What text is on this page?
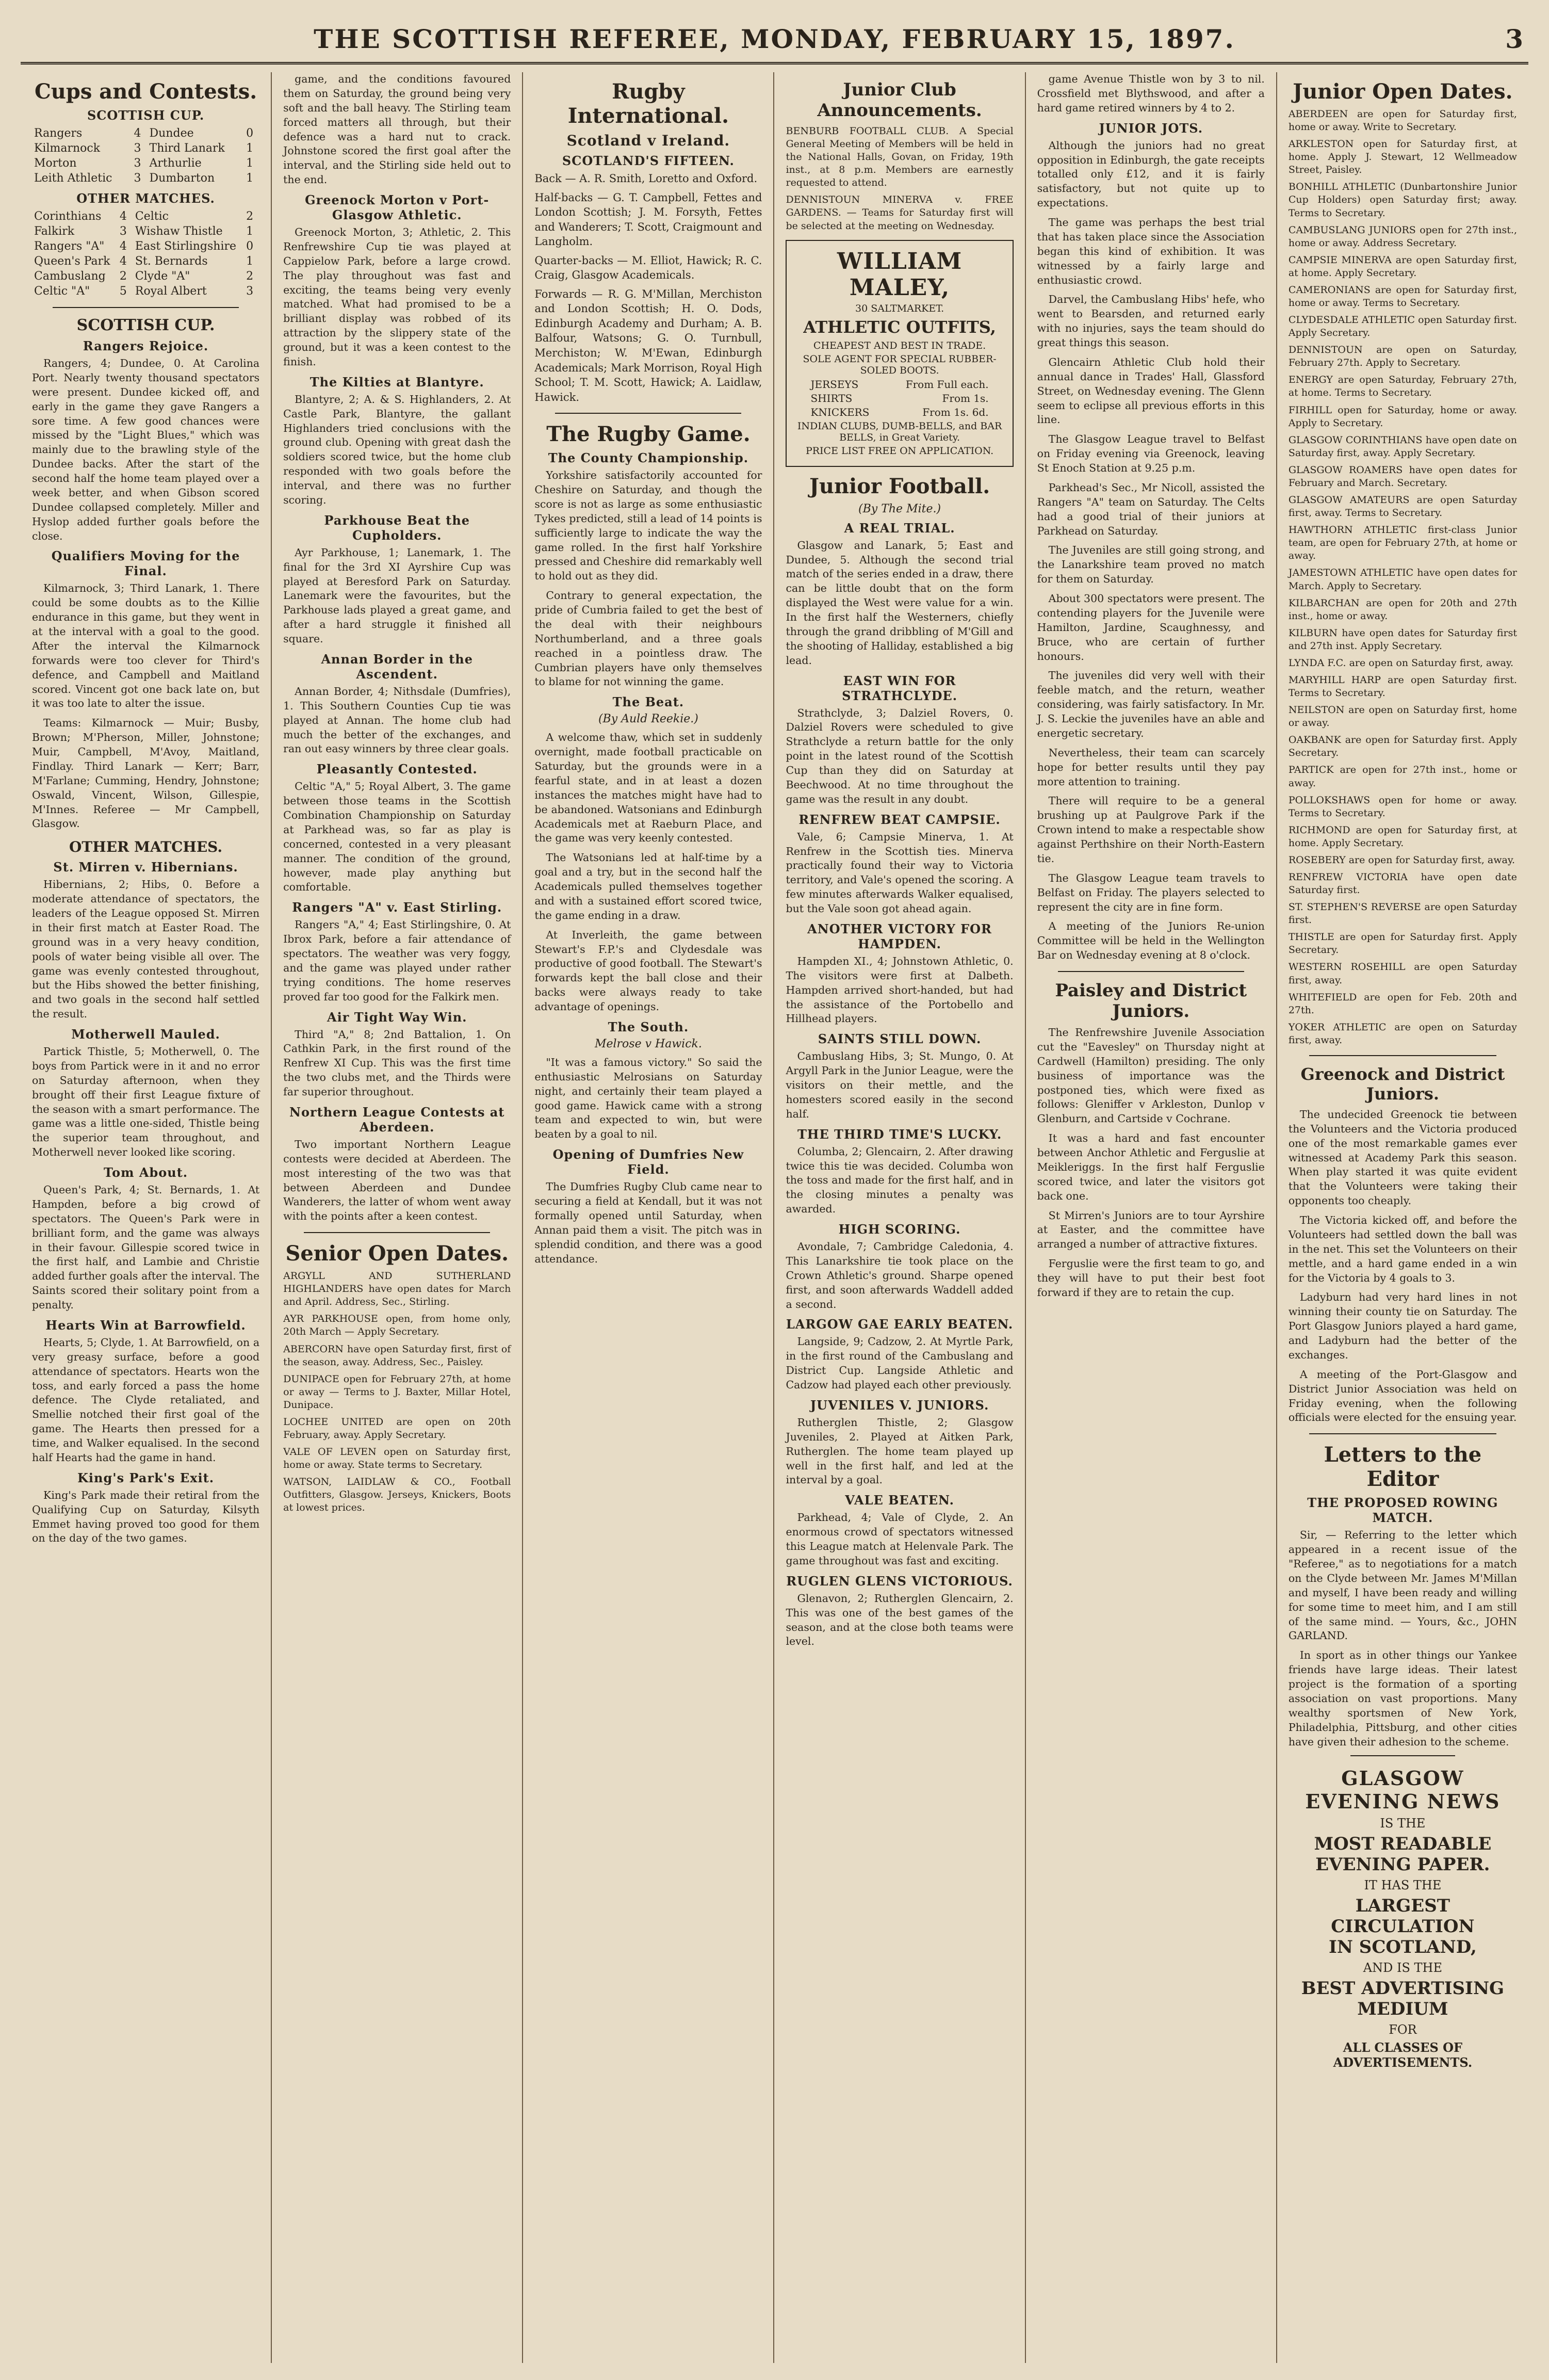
THE SCOTTISH REFEREE, MONDAY, FEBRUARY 15, 1897.	3
Cups and Contests.
SCOTTISH CUP.
Rangers	4	Dundee	0
Kilmarnock	3	Third Lanark	1
Morton	3	Arthurlie	1
Leith Athletic	3	Dumbarton	1
OTHER MATCHES.
Corinthians	4	Celtic	2
Falkirk	3	Wishaw Thistle	1
Rangers "A"	4	East Stirlingshire	0
Queen's Park	4	St. Bernards	1
Cambuslang	2	Clyde "A"	2
Celtic "A"	5	Royal Albert	3
SCOTTISH CUP.
Rangers Rejoice.

Rangers, 4; Dundee, 0. At Carolina Port. Nearly twenty thousand spectators were present. Dundee kicked off, and early in the game they gave Rangers a sore time. A few good chances were missed by the "Light Blues," which was mainly due to the brawling style of the Dundee backs. After the start of the second half the home team played over a week better, and when Gibson scored Dundee collapsed completely. Miller and Hyslop added further goals before the close.

Qualifiers Moving for the Final.

Kilmarnock, 3; Third Lanark, 1. There could be some doubts as to the Killie endurance in this game, but they went in at the interval with a goal to the good. After the interval the Kilmarnock forwards were too clever for Third's defence, and Campbell and Maitland scored. Vincent got one back late on, but it was too late to alter the issue.

Teams: Kilmarnock — Muir; Busby, Brown; M'Pherson, Miller, Johnstone; Muir, Campbell, M'Avoy, Maitland, Findlay. Third Lanark — Kerr; Barr, M'Farlane; Cumming, Hendry, Johnstone; Oswald, Vincent, Wilson, Gillespie, M'Innes. Referee — Mr Campbell, Glasgow.

OTHER MATCHES.
St. Mirren v. Hibernians.

Hibernians, 2; Hibs, 0. Before a moderate attendance of spectators, the leaders of the League opposed St. Mirren in their first match at Easter Road. The ground was in a very heavy condition, pools of water being visible all over. The game was evenly contested throughout, but the Hibs showed the better finishing, and two goals in the second half settled the result.

Motherwell Mauled.

Partick Thistle, 5; Motherwell, 0. The boys from Partick were in it and no error on Saturday afternoon, when they brought off their first League fixture of the season with a smart performance. The game was a little one-sided, Thistle being the superior team throughout, and Motherwell never looked like scoring.

Tom About.

Queen's Park, 4; St. Bernards, 1. At Hampden, before a big crowd of spectators. The Queen's Park were in brilliant form, and the game was always in their favour. Gillespie scored twice in the first half, and Lambie and Christie added further goals after the interval. The Saints scored their solitary point from a penalty.

Hearts Win at Barrowfield.

Hearts, 5; Clyde, 1. At Barrowfield, on a very greasy surface, before a good attendance of spectators. Hearts won the toss, and early forced a pass the home defence. The Clyde retaliated, and Smellie notched their first goal of the game. The Hearts then pressed for a time, and Walker equalised. In the second half Hearts had the game in hand.

King's Park's Exit.

King's Park made their retiral from the Qualifying Cup on Saturday, Kilsyth Emmet having proved too good for them on the day of the two games.

game, and the conditions favoured them on Saturday, the ground being very soft and the ball heavy. The Stirling team forced matters all through, but their defence was a hard nut to crack. Johnstone scored the first goal after the interval, and the Stirling side held out to the end.

Greenock Morton v Port-Glasgow Athletic.

Greenock Morton, 3; Athletic, 2. This Renfrewshire Cup tie was played at Cappielow Park, before a large crowd. The play throughout was fast and exciting, the teams being very evenly matched. What had promised to be a brilliant display was robbed of its attraction by the slippery state of the ground, but it was a keen contest to the finish.

The Kilties at Blantyre.

Blantyre, 2; A. & S. Highlanders, 2. At Castle Park, Blantyre, the gallant Highlanders tried conclusions with the ground club. Opening with great dash the soldiers scored twice, but the home club responded with two goals before the interval, and there was no further scoring.

Parkhouse Beat the Cupholders.

Ayr Parkhouse, 1; Lanemark, 1. The final for the 3rd XI Ayrshire Cup was played at Beresford Park on Saturday. Lanemark were the favourites, but the Parkhouse lads played a great game, and after a hard struggle it finished all square.

Annan Border in the Ascendent.

Annan Border, 4; Nithsdale (Dumfries), 1. This Southern Counties Cup tie was played at Annan. The home club had much the better of the exchanges, and ran out easy winners by three clear goals.

Pleasantly Contested.

Celtic "A," 5; Royal Albert, 3. The game between those teams in the Scottish Combination Championship on Saturday at Parkhead was, so far as play is concerned, contested in a very pleasant manner. The condition of the ground, however, made play anything but comfortable.

Rangers "A" v. East Stirling.

Rangers "A," 4; East Stirlingshire, 0. At Ibrox Park, before a fair attendance of spectators. The weather was very foggy, and the game was played under rather trying conditions. The home reserves proved far too good for the Falkirk men.

Air Tight Way Win.

Third "A," 8; 2nd Battalion, 1. On Cathkin Park, in the first round of the Renfrew XI Cup. This was the first time the two clubs met, and the Thirds were far superior throughout.

Northern League Contests at Aberdeen.

Two important Northern League contests were decided at Aberdeen. The most interesting of the two was that between Aberdeen and Dundee Wanderers, the latter of whom went away with the points after a keen contest.

Senior Open Dates.

ARGYLL AND SUTHERLAND HIGHLANDERS have open dates for March and April. Address, Sec., Stirling.

AYR PARKHOUSE open, from home only, 20th March — Apply Secretary.

ABERCORN have open Saturday first, first of the season, away. Address, Sec., Paisley.

DUNIPACE open for February 27th, at home or away — Terms to J. Baxter, Millar Hotel, Dunipace.

LOCHEE UNITED are open on 20th February, away. Apply Secretary.

VALE OF LEVEN open on Saturday first, home or away. State terms to Secretary.

WATSON, LAIDLAW & CO., Football Outfitters, Glasgow. Jerseys, Knickers, Boots at lowest prices.

Rugby International.
Scotland v Ireland.
SCOTLAND'S FIFTEEN.
Back — A. R. Smith, Loretto and Oxford.
Half-backs — G. T. Campbell, Fettes and London Scottish; J. M. Forsyth, Fettes and Wanderers; T. Scott, Craigmount and Langholm.
Quarter-backs — M. Elliot, Hawick; R. C. Craig, Glasgow Academicals.
Forwards — R. G. M'Millan, Merchiston and London Scottish; H. O. Dods, Edinburgh Academy and Durham; A. B. Balfour, Watsons; G. O. Turnbull, Merchiston; W. M'Ewan, Edinburgh Academicals; Mark Morrison, Royal High School; T. M. Scott, Hawick; A. Laidlaw, Hawick.
The Rugby Game.
The County Championship.

Yorkshire satisfactorily accounted for Cheshire on Saturday, and though the score is not as large as some enthusiastic Tykes predicted, still a lead of 14 points is sufficiently large to indicate the way the game rolled. In the first half Yorkshire pressed and Cheshire did remarkably well to hold out as they did.

Contrary to general expectation, the pride of Cumbria failed to get the best of the deal with their neighbours Northumberland, and a three goals reached in a pointless draw. The Cumbrian players have only themselves to blame for not winning the game.

The Beat.
(By Auld Reekie.)

A welcome thaw, which set in suddenly overnight, made football practicable on Saturday, but the grounds were in a fearful state, and in at least a dozen instances the matches might have had to be abandoned. Watsonians and Edinburgh Academicals met at Raeburn Place, and the game was very keenly contested.

The Watsonians led at half-time by a goal and a try, but in the second half the Academicals pulled themselves together and with a sustained effort scored twice, the game ending in a draw.

At Inverleith, the game between Stewart's F.P.'s and Clydesdale was productive of good football. The Stewart's forwards kept the ball close and their backs were always ready to take advantage of openings.

The South.
Melrose v Hawick.

"It was a famous victory." So said the enthusiastic Melrosians on Saturday night, and certainly their team played a good game. Hawick came with a strong team and expected to win, but were beaten by a goal to nil.

Opening of Dumfries New Field.

The Dumfries Rugby Club came near to securing a field at Kendall, but it was not formally opened until Saturday, when Annan paid them a visit. The pitch was in splendid condition, and there was a good attendance.

Junior Club Announcements.

BENBURB FOOTBALL CLUB. A Special General Meeting of Members will be held in the National Halls, Govan, on Friday, 19th inst., at 8 p.m. Members are earnestly requested to attend.

DENNISTOUN MINERVA v. FREE GARDENS. — Teams for Saturday first will be selected at the meeting on Wednesday.

WILLIAM MALEY,
30 SALTMARKET.
ATHLETIC OUTFITS,
CHEAPEST AND BEST IN TRADE.
SOLE AGENT FOR SPECIAL RUBBER-SOLED BOOTS.
JERSEYS	From Full each.
SHIRTS	From 1s.
KNICKERS	From 1s. 6d.
INDIAN CLUBS, DUMB-BELLS, and BAR BELLS, in Great Variety.
PRICE LIST FREE ON APPLICATION.
Junior Football.
(By The Mite.)
A REAL TRIAL.

Glasgow and Lanark, 5; East and Dundee, 5. Although the second trial match of the series ended in a draw, there can be little doubt that on the form displayed the West were value for a win. In the first half the Westerners, chiefly through the grand dribbling of M'Gill and the shooting of Halliday, established a big lead.

EAST WIN FOR STRATHCLYDE.

Strathclyde, 3; Dalziel Rovers, 0. Dalziel Rovers were scheduled to give Strathclyde a return battle for the only point in the latest round of the Scottish Cup than they did on Saturday at Beechwood. At no time throughout the game was the result in any doubt.

RENFREW BEAT CAMPSIE.

Vale, 6; Campsie Minerva, 1. At Renfrew in the Scottish ties. Minerva practically found their way to Victoria territory, and Vale's opened the scoring. A few minutes afterwards Walker equalised, but the Vale soon got ahead again.

ANOTHER VICTORY FOR HAMPDEN.

Hampden XI., 4; Johnstown Athletic, 0. The visitors were first at Dalbeth. Hampden arrived short-handed, but had the assistance of the Portobello and Hillhead players.

SAINTS STILL DOWN.

Cambuslang Hibs, 3; St. Mungo, 0. At Argyll Park in the Junior League, were the visitors on their mettle, and the homesters scored easily in the second half.

THE THIRD TIME'S LUCKY.

Columba, 2; Glencairn, 2. After drawing twice this tie was decided. Columba won the toss and made for the first half, and in the closing minutes a penalty was awarded.

HIGH SCORING.

Avondale, 7; Cambridge Caledonia, 4. This Lanarkshire tie took place on the Crown Athletic's ground. Sharpe opened first, and soon afterwards Waddell added a second.

LARGOW GAE EARLY BEATEN.

Langside, 9; Cadzow, 2. At Myrtle Park, in the first round of the Cambuslang and District Cup. Langside Athletic and Cadzow had played each other previously.

JUVENILES V. JUNIORS.

Rutherglen Thistle, 2; Glasgow Juveniles, 2. Played at Aitken Park, Rutherglen. The home team played up well in the first half, and led at the interval by a goal.

VALE BEATEN.

Parkhead, 4; Vale of Clyde, 2. An enormous crowd of spectators witnessed this League match at Helenvale Park. The game throughout was fast and exciting.

RUGLEN GLENS VICTORIOUS.

Glenavon, 2; Rutherglen Glencairn, 2. This was one of the best games of the season, and at the close both teams were level.

game Avenue Thistle won by 3 to nil. Crossfield met Blythswood, and after a hard game retired winners by 4 to 2.

JUNIOR JOTS.

Although the juniors had no great opposition in Edinburgh, the gate receipts totalled only £12, and it is fairly satisfactory, but not quite up to expectations.

The game was perhaps the best trial that has taken place since the Association began this kind of exhibition. It was witnessed by a fairly large and enthusiastic crowd.

Darvel, the Cambuslang Hibs' hefe, who went to Bearsden, and returned early with no injuries, says the team should do great things this season.

Glencairn Athletic Club hold their annual dance in Trades' Hall, Glassford Street, on Wednesday evening. The Glenn seem to eclipse all previous efforts in this line.

The Glasgow League travel to Belfast on Friday evening via Greenock, leaving St Enoch Station at 9.25 p.m.

Parkhead's Sec., Mr Nicoll, assisted the Rangers "A" team on Saturday. The Celts had a good trial of their juniors at Parkhead on Saturday.

The Juveniles are still going strong, and the Lanarkshire team proved no match for them on Saturday.

About 300 spectators were present. The contending players for the Juvenile were Hamilton, Jardine, Scaughnessy, and Bruce, who are certain of further honours.

The juveniles did very well with their feeble match, and the return, weather considering, was fairly satisfactory. In Mr. J. S. Leckie the juveniles have an able and energetic secretary.

Nevertheless, their team can scarcely hope for better results until they pay more attention to training.

There will require to be a general brushing up at Paulgrove Park if the Crown intend to make a respectable show against Perthshire on their North-Eastern tie.

The Glasgow League team travels to Belfast on Friday. The players selected to represent the city are in fine form.

A meeting of the Juniors Re-union Committee will be held in the Wellington Bar on Wednesday evening at 8 o'clock.

Paisley and District Juniors.

The Renfrewshire Juvenile Association cut the "Eavesley" on Thursday night at Cardwell (Hamilton) presiding. The only business of importance was the postponed ties, which were fixed as follows: Gleniffer v Arkleston, Dunlop v Glenburn, and Cartside v Cochrane.

It was a hard and fast encounter between Anchor Athletic and Ferguslie at Meikleriggs. In the first half Ferguslie scored twice, and later the visitors got back one.

St Mirren's Juniors are to tour Ayrshire at Easter, and the committee have arranged a number of attractive fixtures.

Ferguslie were the first team to go, and they will have to put their best foot forward if they are to retain the cup.

Junior Open Dates.

ABERDEEN are open for Saturday first, home or away. Write to Secretary.

ARKLESTON open for Saturday first, at home. Apply J. Stewart, 12 Wellmeadow Street, Paisley.

BONHILL ATHLETIC (Dunbartonshire Junior Cup Holders) open Saturday first; away. Terms to Secretary.

CAMBUSLANG JUNIORS open for 27th inst., home or away. Address Secretary.

CAMPSIE MINERVA are open Saturday first, at home. Apply Secretary.

CAMERONIANS are open for Saturday first, home or away. Terms to Secretary.

CLYDESDALE ATHLETIC open Saturday first. Apply Secretary.

DENNISTOUN are open on Saturday, February 27th. Apply to Secretary.

ENERGY are open Saturday, February 27th, at home. Terms to Secretary.

FIRHILL open for Saturday, home or away. Apply to Secretary.

GLASGOW CORINTHIANS have open date on Saturday first, away. Apply Secretary.

GLASGOW ROAMERS have open dates for February and March. Secretary.

GLASGOW AMATEURS are open Saturday first, away. Terms to Secretary.

HAWTHORN ATHLETIC first-class Junior team, are open for February 27th, at home or away.

JAMESTOWN ATHLETIC have open dates for March. Apply to Secretary.

KILBARCHAN are open for 20th and 27th inst., home or away.

KILBURN have open dates for Saturday first and 27th inst. Apply Secretary.

LYNDA F.C. are open on Saturday first, away.

MARYHILL HARP are open Saturday first. Terms to Secretary.

NEILSTON are open on Saturday first, home or away.

OAKBANK are open for Saturday first. Apply Secretary.

PARTICK are open for 27th inst., home or away.

POLLOKSHAWS open for home or away. Terms to Secretary.

RICHMOND are open for Saturday first, at home. Apply Secretary.

ROSEBERY are open for Saturday first, away.

RENFREW VICTORIA have open date Saturday first.

ST. STEPHEN'S REVERSE are open Saturday first.

THISTLE are open for Saturday first. Apply Secretary.

WESTERN ROSEHILL are open Saturday first, away.

WHITEFIELD are open for Feb. 20th and 27th.

YOKER ATHLETIC are open on Saturday first, away.

Greenock and District Juniors.

The undecided Greenock tie between the Volunteers and the Victoria produced one of the most remarkable games ever witnessed at Academy Park this season. When play started it was quite evident that the Volunteers were taking their opponents too cheaply.

The Victoria kicked off, and before the Volunteers had settled down the ball was in the net. This set the Volunteers on their mettle, and a hard game ended in a win for the Victoria by 4 goals to 3.

Ladyburn had very hard lines in not winning their county tie on Saturday. The Port Glasgow Juniors played a hard game, and Ladyburn had the better of the exchanges.

A meeting of the Port-Glasgow and District Junior Association was held on Friday evening, when the following officials were elected for the ensuing year.

Letters to the Editor
THE PROPOSED ROWING MATCH.

Sir, — Referring to the letter which appeared in a recent issue of the "Referee," as to negotiations for a match on the Clyde between Mr. James M'Millan and myself, I have been ready and willing for some time to meet him, and I am still of the same mind. — Yours, &c., JOHN GARLAND.

In sport as in other things our Yankee friends have large ideas. Their latest project is the formation of a sporting association on vast proportions. Many wealthy sportsmen of New York, Philadelphia, Pittsburg, and other cities have given their adhesion to the scheme.

GLASGOW EVENING NEWS
IS THE
MOST READABLE
EVENING PAPER.
IT HAS THE
LARGEST CIRCULATION
IN SCOTLAND,
AND IS THE
BEST ADVERTISING MEDIUM
FOR
ALL CLASSES OF ADVERTISEMENTS.
